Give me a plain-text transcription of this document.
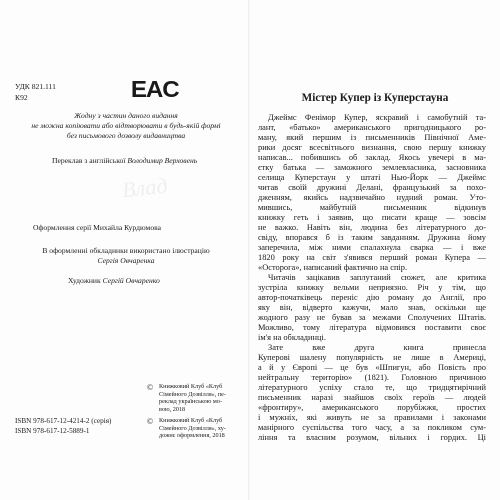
УДК 821.111
К92	EAC
Жодну з частин даного видання
не можна копіювати або відтворювати в будь-якій формі
без письмового дозволу видавництва
Переклав з англійської Володимир Верховень
Влад
Оформлення серії Михайла Курдюмова
В оформленні обкладинки використано ілюстрацію
Сергія Овчаренка
Художник Сергій Овчаренко
© Книжковий Клуб «Клуб
Сімейного Дозвілля», пе-
реклад українською мо-
вою, 2018
ISBN 978-617-12-4214-2 (серія)
ISBN 978-617-12-5889-1
© Книжковий Клуб «Клуб
Сімейного Дозвілля», ху-
дожнє оформлення, 2018
Містер Купер із Куперстауна
Джеймс Фенімор Купер, яскравий і самобутній та-
лант, «батько» американського пригодницького ро-
ману, який першим із письменників Північної Аме-
рики досяг всесвітнього визнання, свою першу книжку
написав... побившись об заклад. Якось увечері в ма-
єтку батька — заможного землевласника, засновника
селища Куперстаун у штаті Нью-Йорк — Джеймс
читав своїй дружині Делані, французький за похо-
дженням, якийсь надзвичайно нудний роман. Уто-
мившись, майбутній письменник відкинув
книжку геть і заявив, що писати краще — зовсім
не важко. Навіть він, людина без літературного до-
свіду, впорався б із таким завданням. Дружина йому
заперечила, між ними спалахнула сварка — і вже
1820 року на світ з'явився перший роман Купера —
«Осторога», написаний фактично на спір.
Читачів зацікавив заплутаний сюжет, але критика
зустріла книжку вельми неприязно. Річ у тім, що
автор-початківець переніс дію роману до Англії, про
яку він, відверто кажучи, мало знав, оскільки ще
жодного разу не бував за межами Сполучених Штатів.
Можливо, тому література відмовився поставити своє
ім'я на обкладинці.
Зате вже друга книга принесла
Куперові шалену популярність не лише в Америці,
а й у Європі — це був «Шпигун, або Повість про
нейтральну територію» (1821). Головною причиною
літературного успіху стало те, що тридцятирічний
письменник наразі знайшов своїх героїв — людей
«фронтиру», американського порубіжжя, простих
і мужніх, які живуть не за правилами і законами
манірного суспільства того часу, а за покликом сум-
ління та власним розумом, вільних і гордих. Ці
